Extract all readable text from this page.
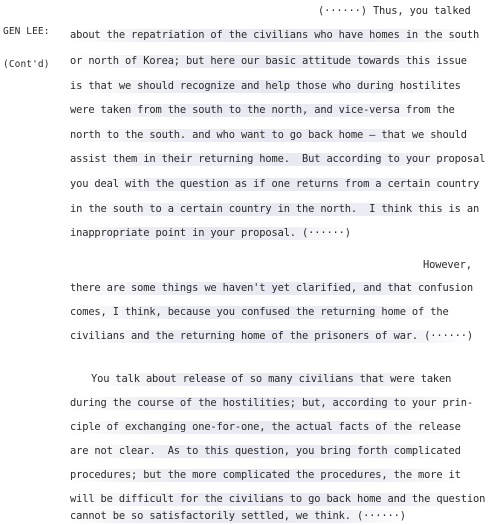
GEN LEE:

(Cont'd)

(······) Thus, you talked
about the repatriation of the civilians who have homes in the south
or north of Korea; but here our basic attitude towards this issue
is that we should recognize and help those who during hostilites
were taken from the south to the north, and vice-versa from the
north to the south. and who want to go back home — that we should
assist them in their returning home.  But according to your proposal
you deal with the question as if one returns from a certain country
in the south to a certain country in the north.  I think this is an
inappropriate point in your proposal. (······)
However,
there are some things we haven't yet clarified, and that confusion
comes, I think, because you confused the returning home of the
civilians and the returning home of the prisoners of war. (······)
You talk about release of so many civilians that were taken
during the course of the hostilities; but, according to your prin-
ciple of exchanging one-for-one, the actual facts of the release
are not clear.  As to this question, you bring forth complicated
procedures; but the more complicated the procedures, the more it
will be difficult for the civilians to go back home and the question
cannot be so satisfactorily settled, we think. (······)
